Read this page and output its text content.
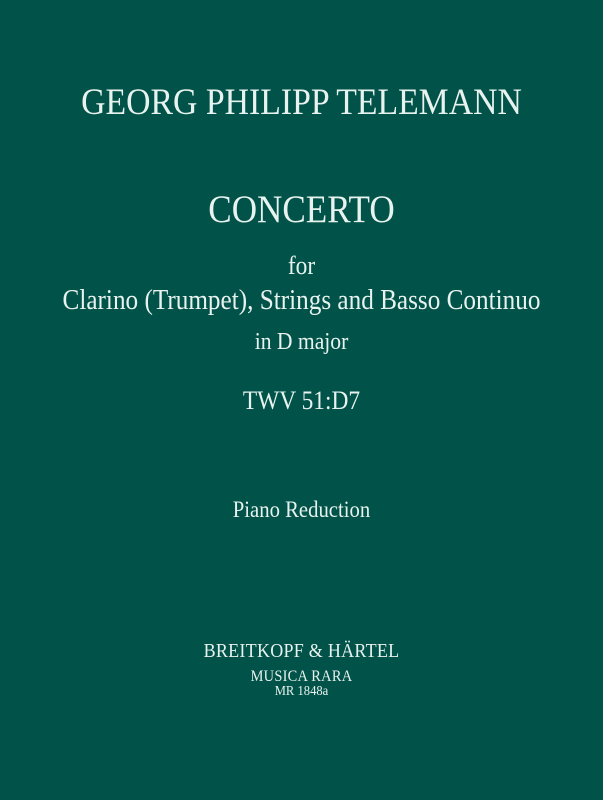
GEORG PHILIPP TELEMANN
CONCERTO
for
Clarino (Trumpet), Strings and Basso Continuo
in D major
TWV 51:D7
Piano Reduction
BREITKOPF & HÄRTEL
MUSICA RARA
MR 1848a
